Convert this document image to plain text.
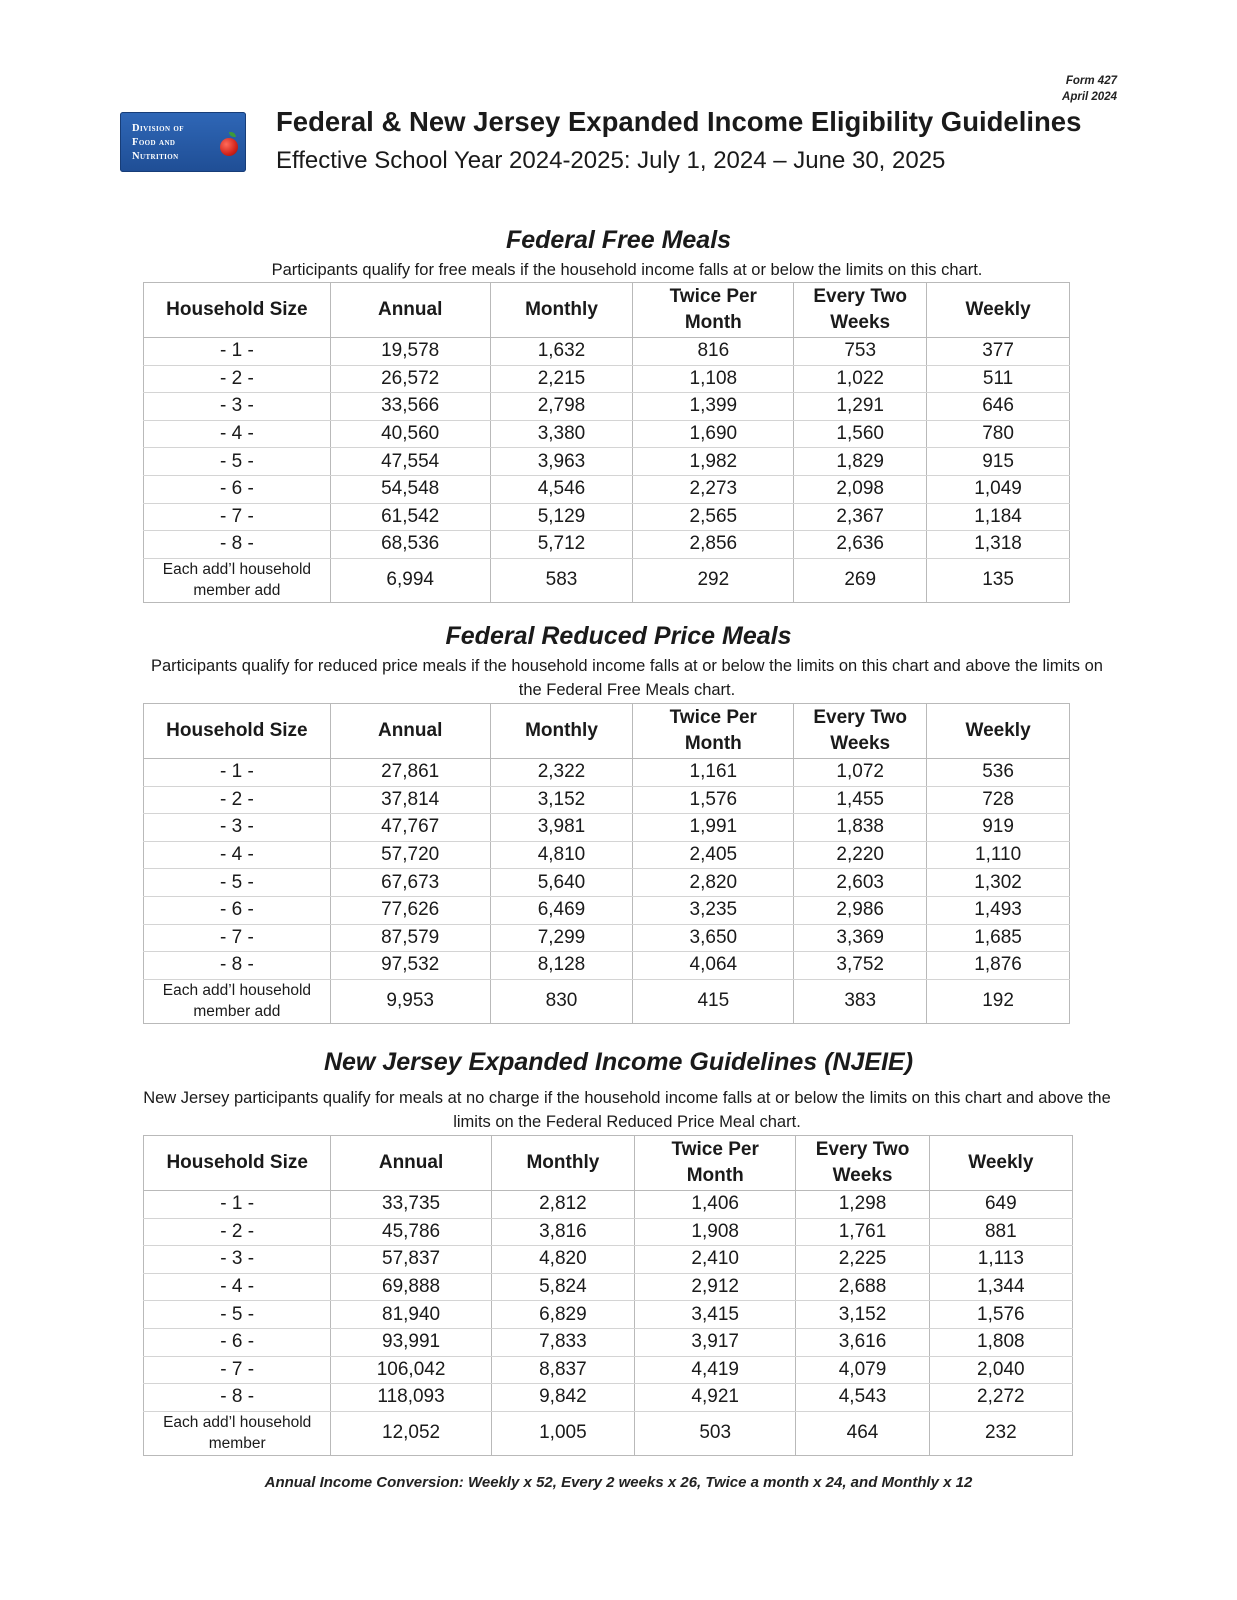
Form 427
April 2024
Division of
Food and
Nutrition
Federal & New Jersey Expanded Income Eligibility Guidelines
Effective School Year 2024-2025: July 1, 2024 – June 30, 2025
Federal Free Meals
Participants qualify for free meals if the household income falls at or below the limits on this chart.
Household Size	Annual	Monthly	Twice Per Month	Every Two Weeks	Weekly
- 1 -	19,578	1,632	816	753	377
- 2 -	26,572	2,215	1,108	1,022	511
- 3 -	33,566	2,798	1,399	1,291	646
- 4 -	40,560	3,380	1,690	1,560	780
- 5 -	47,554	3,963	1,982	1,829	915
- 6 -	54,548	4,546	2,273	2,098	1,049
- 7 -	61,542	5,129	2,565	2,367	1,184
- 8 -	68,536	5,712	2,856	2,636	1,318
Each add’l household member add	6,994	583	292	269	135
Federal Reduced Price Meals
Participants qualify for reduced price meals if the household income falls at or below the limits on this chart and above the limits on the Federal Free Meals chart.
Household Size	Annual	Monthly	Twice Per Month	Every Two Weeks	Weekly
- 1 -	27,861	2,322	1,161	1,072	536
- 2 -	37,814	3,152	1,576	1,455	728
- 3 -	47,767	3,981	1,991	1,838	919
- 4 -	57,720	4,810	2,405	2,220	1,110
- 5 -	67,673	5,640	2,820	2,603	1,302
- 6 -	77,626	6,469	3,235	2,986	1,493
- 7 -	87,579	7,299	3,650	3,369	1,685
- 8 -	97,532	8,128	4,064	3,752	1,876
Each add’l household member add	9,953	830	415	383	192
New Jersey Expanded Income Guidelines (NJEIE)
New Jersey participants qualify for meals at no charge if the household income falls at or below the limits on this chart and above the limits on the Federal Reduced Price Meal chart.
Household Size	Annual	Monthly	Twice Per Month	Every Two Weeks	Weekly
- 1 -	33,735	2,812	1,406	1,298	649
- 2 -	45,786	3,816	1,908	1,761	881
- 3 -	57,837	4,820	2,410	2,225	1,113
- 4 -	69,888	5,824	2,912	2,688	1,344
- 5 -	81,940	6,829	3,415	3,152	1,576
- 6 -	93,991	7,833	3,917	3,616	1,808
- 7 -	106,042	8,837	4,419	4,079	2,040
- 8 -	118,093	9,842	4,921	4,543	2,272
Each add’l household member	12,052	1,005	503	464	232
Annual Income Conversion: Weekly x 52, Every 2 weeks x 26, Twice a month x 24, and Monthly x 12
